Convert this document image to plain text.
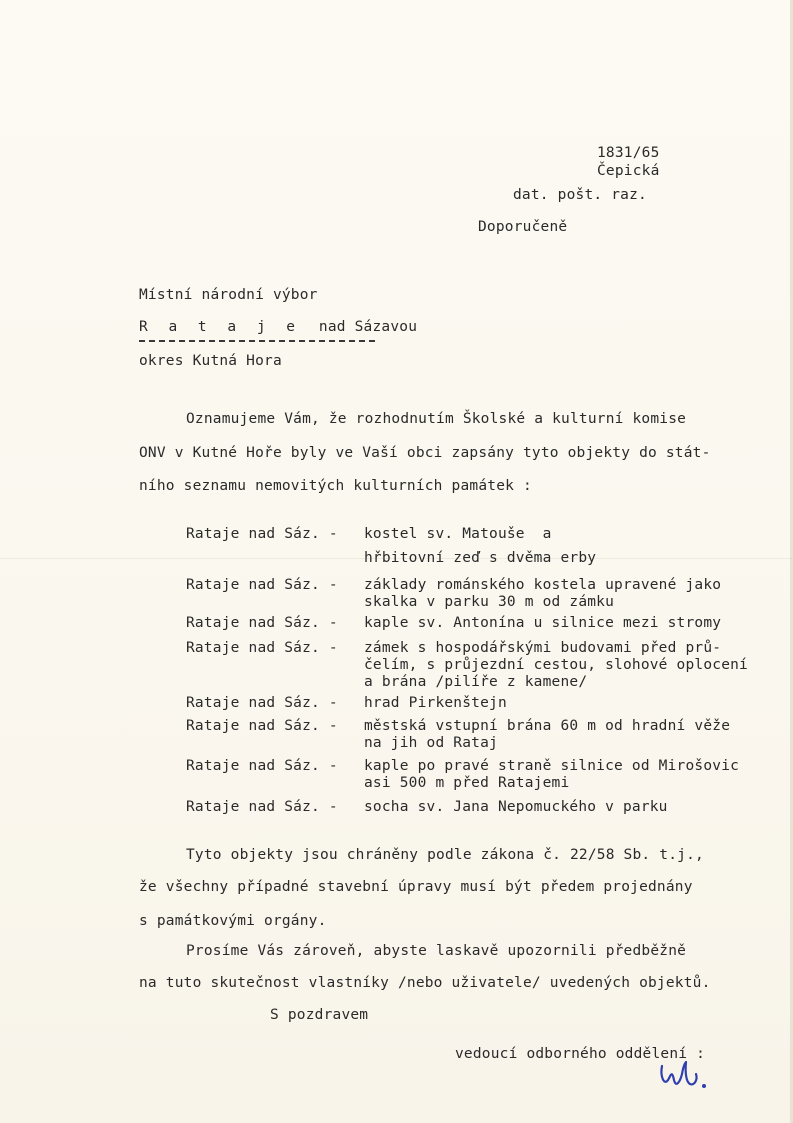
1831/65
Čepická
dat. pošt. raz.
Doporučeně
Místní národní výbor
R a t a j e nad Sázavou
okres Kutná Hora
Oznamujeme Vám, že rozhodnutím Školské a kulturní komise
ONV v Kutné Hoře byly ve Vaší obci zapsány tyto objekty do stát-
ního seznamu nemovitých kulturních památek :
Rataje nad Sáz. - kostel sv. Matouše  a
hřbitovní zeď s dvěma erby
Rataje nad Sáz. - základy románského kostela upravené jako
skalka v parku 30 m od zámku
Rataje nad Sáz. - kaple sv. Antonína u silnice mezi stromy
Rataje nad Sáz. - zámek s hospodářskými budovami před prů-
čelím, s průjezdní cestou, slohové oplocení
a brána /pilíře z kamene/
Rataje nad Sáz. - hrad Pirkenštejn
Rataje nad Sáz. - městská vstupní brána 60 m od hradní věže
na jih od Rataj
Rataje nad Sáz. - kaple po pravé straně silnice od Mirošovic
asi 500 m před Ratajemi
Rataje nad Sáz. - socha sv. Jana Nepomuckého v parku
Tyto objekty jsou chráněny podle zákona č. 22/58 Sb. t.j.,
že všechny případné stavební úpravy musí být předem projednány
s památkovými orgány.
Prosíme Vás zároveň, abyste laskavě upozornili předběžně
na tuto skutečnost vlastníky /nebo uživatele/ uvedených objektů.
S pozdravem
vedoucí odborného oddělení :
